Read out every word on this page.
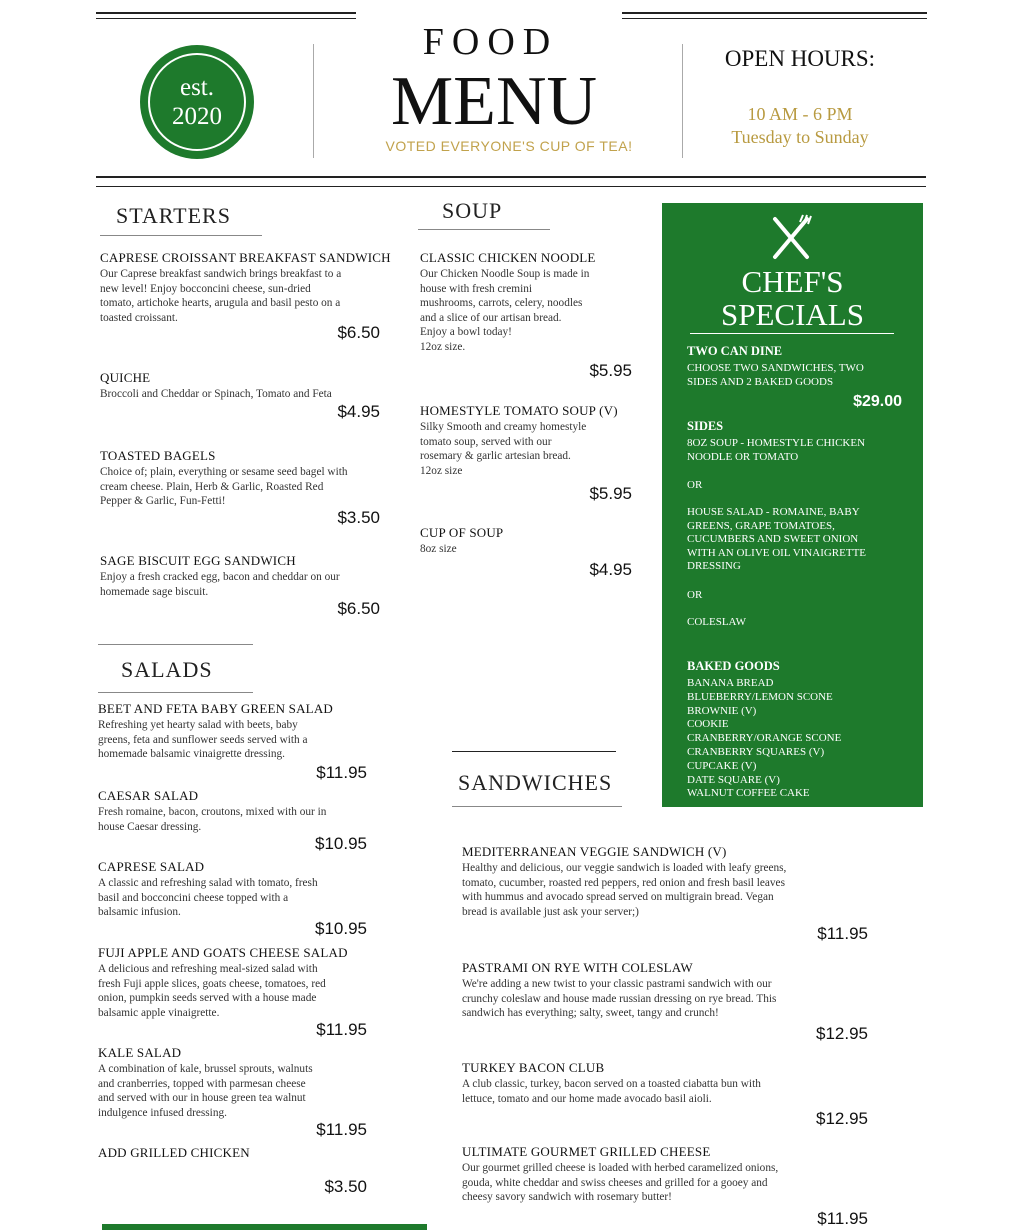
est.
2020
FOOD
MENU
VOTED EVERYONE'S CUP OF TEA!
OPEN HOURS:
10 AM - 6 PM
Tuesday to Sunday
STARTERS
CAPRESE CROISSANT BREAKFAST SANDWICH
Our Caprese breakfast sandwich brings breakfast to a
new level! Enjoy bocconcini cheese, sun-dried
tomato, artichoke hearts, arugula and basil pesto on a
toasted croissant.
$6.50
QUICHE
Broccoli and Cheddar or Spinach, Tomato and Feta
$4.95
TOASTED BAGELS
Choice of; plain, everything or sesame seed bagel with
cream cheese. Plain, Herb & Garlic, Roasted Red
Pepper & Garlic, Fun-Fetti!
$3.50
SAGE BISCUIT EGG SANDWICH
Enjoy a fresh cracked egg, bacon and cheddar on our
homemade sage biscuit.
$6.50
SOUP
CLASSIC CHICKEN NOODLE
Our Chicken Noodle Soup is made in
house with fresh cremini
mushrooms, carrots, celery, noodles
and a slice of our artisan bread.
Enjoy a bowl today!
12oz size.
$5.95
HOMESTYLE TOMATO SOUP (V)
Silky Smooth and creamy homestyle
tomato soup, served with our
rosemary & garlic artesian bread.
12oz size
$5.95
CUP OF SOUP
8oz size
$4.95
SALADS
BEET AND FETA BABY GREEN SALAD
Refreshing yet hearty salad with beets, baby
greens, feta and sunflower seeds served with a
homemade balsamic vinaigrette dressing.
$11.95
CAESAR SALAD
Fresh romaine, bacon, croutons, mixed with our in
house Caesar dressing.
$10.95
CAPRESE SALAD
A classic and refreshing salad with tomato, fresh
basil and bocconcini cheese topped with a
balsamic infusion.
$10.95
FUJI APPLE AND GOATS CHEESE SALAD
A delicious and refreshing meal-sized salad with
fresh Fuji apple slices, goats cheese, tomatoes, red
onion, pumpkin seeds served with a house made
balsamic apple vinaigrette.
$11.95
KALE SALAD
A combination of kale, brussel sprouts, walnuts
and cranberries, topped with parmesan cheese
and served with our in house green tea walnut
indulgence infused dressing.
$11.95
ADD GRILLED CHICKEN
$3.50
SANDWICHES
MEDITERRANEAN VEGGIE SANDWICH (V)
Healthy and delicious, our veggie sandwich is loaded with leafy greens,
tomato, cucumber, roasted red peppers, red onion and fresh basil leaves
with hummus and avocado spread served on multigrain bread. Vegan
bread is available just ask your server;)
$11.95
PASTRAMI ON RYE WITH COLESLAW
We're adding a new twist to your classic pastrami sandwich with our
crunchy coleslaw and house made russian dressing on rye bread. This
sandwich has everything; salty, sweet, tangy and crunch!
$12.95
TURKEY BACON CLUB
A club classic, turkey, bacon served on a toasted ciabatta bun with
lettuce, tomato and our home made avocado basil aioli.
$12.95
ULTIMATE GOURMET GRILLED CHEESE
Our gourmet grilled cheese is loaded with herbed caramelized onions,
gouda, white cheddar and swiss cheeses and grilled for a gooey and
cheesy savory sandwich with rosemary butter!
$11.95
CHEF'S
SPECIALS
TWO CAN DINE
CHOOSE TWO SANDWICHES, TWO
SIDES AND 2 BAKED GOODS
$29.00
SIDES
8OZ SOUP - HOMESTYLE CHICKEN
NOODLE OR TOMATO
OR
HOUSE SALAD - ROMAINE, BABY
GREENS, GRAPE TOMATOES,
CUCUMBERS AND SWEET ONION
WITH AN OLIVE OIL VINAIGRETTE
DRESSING
OR
COLESLAW
BAKED GOODS
BANANA BREAD
BLUEBERRY/LEMON SCONE
BROWNIE (V)
COOKIE
CRANBERRY/ORANGE SCONE
CRANBERRY SQUARES (V)
CUPCAKE (V)
DATE SQUARE (V)
WALNUT COFFEE CAKE
